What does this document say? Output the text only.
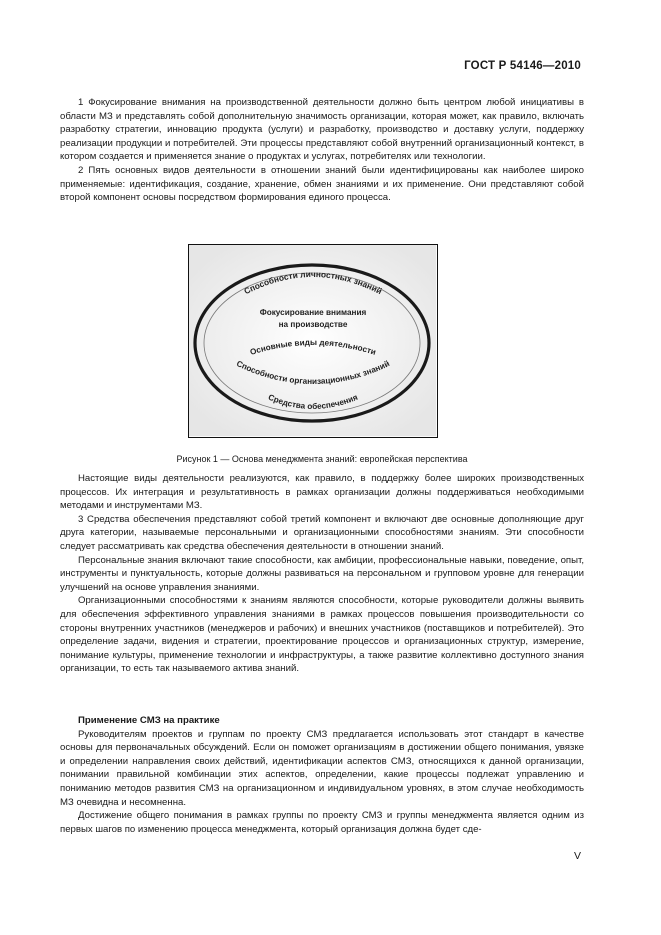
ГОСТ Р 54146—2010

1 Фокусирование внимания на производственной деятельности должно быть центром любой инициативы в области МЗ и представлять собой дополнительную значимость организации, которая может, как правило, включать разработку стратегии, инновацию продукта (услуги) и разработку, производство и доставку услуги, поддержку реализации продукции и потребителей. Эти процессы представляют собой внутренний организационный контекст, в котором создается и применяется знание о продуктах и услугах, потребителях или технологии.

2 Пять основных видов деятельности в отношении знаний были идентифицированы как наиболее широко применяемые: идентификация, создание, хранение, обмен знаниями и их применение. Они представляют собой второй компонент основы посредством формирования единого процесса.

Способности личностных знаний
Фокусирование внимания
на производстве
Основные виды деятельности
Способности организационных знаний
Средства обеспечения
Рисунок 1 — Основа менеджмента знаний: европейская перспектива

Настоящие виды деятельности реализуются, как правило, в поддержку более широких производственных процессов. Их интеграция и результативность в рамках организации должны поддерживаться необходимыми методами и инструментами МЗ.

3 Средства обеспечения представляют собой третий компонент и включают две основные дополняющие друг друга категории, называемые персональными и организационными способностями знаниям. Эти способности следует рассматривать как средства обеспечения деятельности в отношении знаний.

Персональные знания включают такие способности, как амбиции, профессиональные навыки, поведение, опыт, инструменты и пунктуальность, которые должны развиваться на персональном и групповом уровне для генерации улучшений на основе управления знаниями.

Организационными способностями к знаниям являются способности, которые руководители должны выявить для обеспечения эффективного управления знаниями в рамках процессов повышения производительности со стороны внутренних участников (менеджеров и рабочих) и внешних участников (поставщиков и потребителей). Это определение задачи, видения и стратегии, проектирование процессов и организационных структур, измерение, понимание культуры, применение технологии и инфраструктуры, а также развитие коллективно доступного знания организации, то есть так называемого актива знаний.

Применение СМЗ на практике

Руководителям проектов и группам по проекту СМЗ предлагается использовать этот стандарт в качестве основы для первоначальных обсуждений. Если он поможет организациям в достижении общего понимания, увязке и определении направления своих действий, идентификации аспектов СМЗ, относящихся к данной организации, понимании правильной комбинации этих аспектов, определении, какие процессы подлежат управлению и пониманию методов развития СМЗ на организационном и индивидуальном уровнях, в этом случае необходимость МЗ очевидна и несомненна.

Достижение общего понимания в рамках группы по проекту СМЗ и группы менеджмента является одним из первых шагов по изменению процесса менеджмента, который организация должна будет сде-

V
